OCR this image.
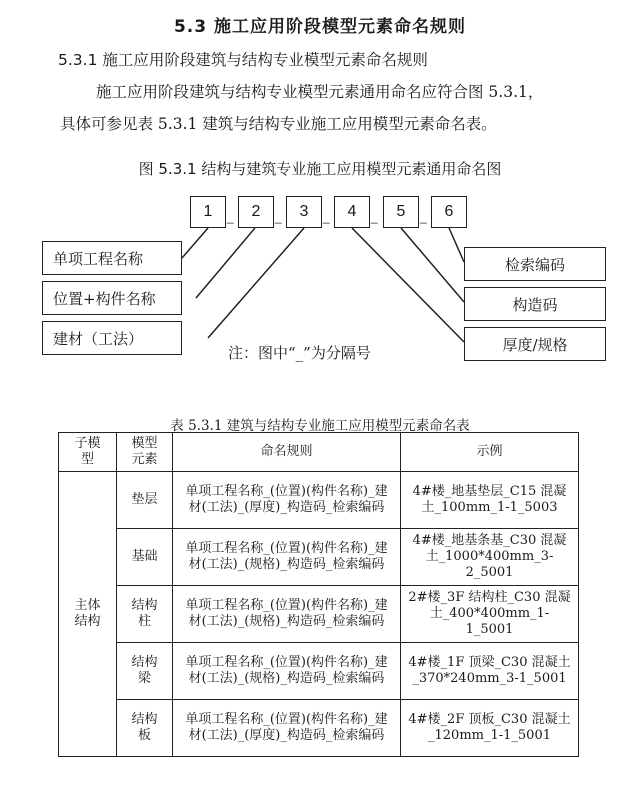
5.3 施工应用阶段模型元素命名规则
5.3.1 施工应用阶段建筑与结构专业模型元素命名规则
施工应用阶段建筑与结构专业模型元素通用命名应符合图 5.3.1，
具体可参见表 5.3.1 建筑与结构专业施工应用模型元素命名表。
图 5.3.1 结构与建筑专业施工应用模型元素通用命名图
1	2	3	4	5	6
_	_	_	_	_
单项工程名称
位置+构件名称
建材（工法）
检索编码
构造码
厚度/规格
注：图中“_”为分隔号
表 5.3.1 建筑与结构专业施工应用模型元素命名表
子模型	模型元素	命名规则	示例

主体结构	垫层	单项工程名称_(位置)(构件名称)_建材(工法)_(厚度)_构造码_检索编码	4#楼_地基垫层_C15 混凝土_100mm_1-1_5003

	基础	单项工程名称_(位置)(构件名称)_建材(工法)_(规格)_构造码_检索编码	4#楼_地基条基_C30 混凝土_1000*400mm_3-2_5001

	结构柱	单项工程名称_(位置)(构件名称)_建材(工法)_(规格)_构造码_检索编码	2#楼_3F 结构柱_C30 混凝土_400*400mm_1-1_5001

	结构梁	单项工程名称_(位置)(构件名称)_建材(工法)_(规格)_构造码_检索编码	4#楼_1F 顶梁_C30 混凝土_370*240mm_3-1_5001

	结构板	单项工程名称_(位置)(构件名称)_建材(工法)_(厚度)_构造码_检索编码	4#楼_2F 顶板_C30 混凝土_120mm_1-1_5001
